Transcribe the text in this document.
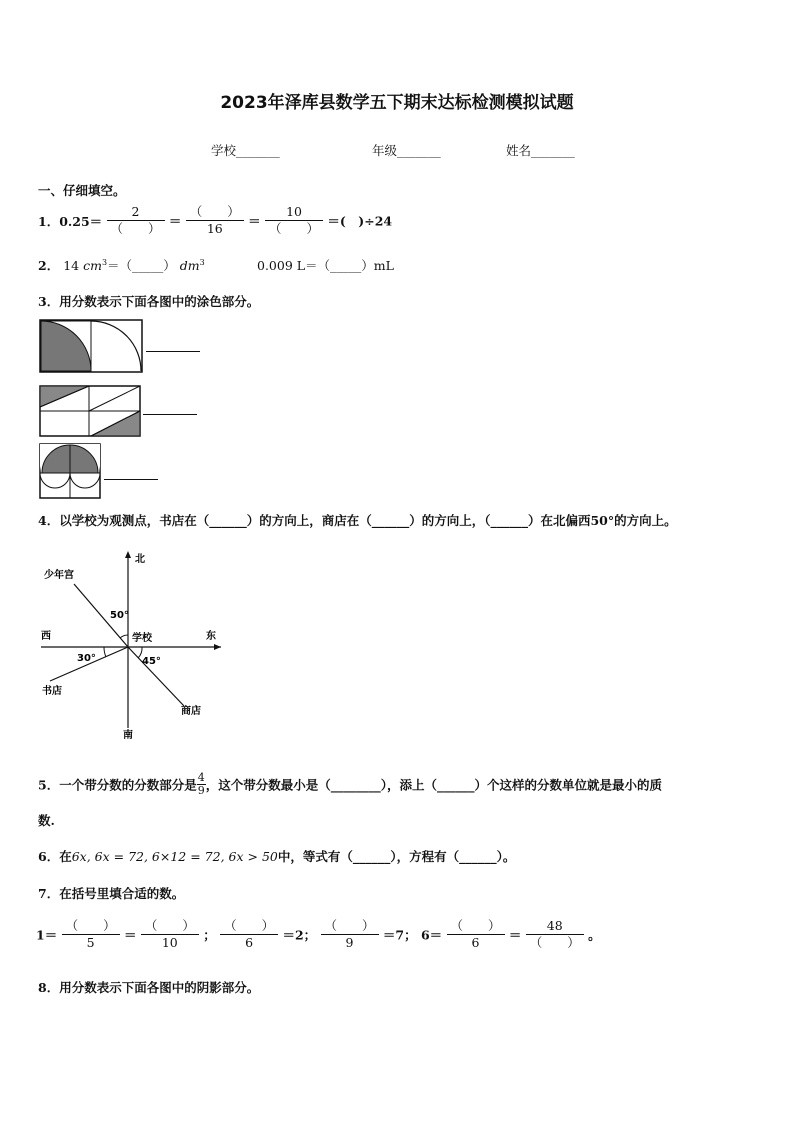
2023年泽库县数学五下期末达标检测模拟试题
学校_______	年级_______	姓名_______
一、仔细填空。
1．$0.25= \frac{2}{( )} = \frac{( )}{16} = \frac{10}{( )}$ ＝(　)÷24
2． 14 $cm^3=(\_\_\_\_\_)$ $dm^3$	0.009 L＝（_____）mL
3．用分数表示下面各图中的涂色部分。
4．以学校为观测点，书店在（______）的方向上，商店在（______）的方向上，（______）在北偏西50°的方向上。
北
南
东
西	学校
少年宫
书店
商店
50°
30°	45°
5．一个带分数的分数部分是 $\frac{4}{9}$ ，这个带分数最小是（________），添上（______）个这样的分数单位就是最小的质
数.
6．在6x, 6x = 72, 6×12 = 72, 6x > 50中，等式有（______），方程有（______）。
7．在括号里填合适的数。
$1= \frac{( )}{5} = \frac{( )}{10}$ ； $\frac{( )}{6} =2$； $\frac{( )}{9} =7$； $6= \frac{( )}{6} = \frac{48}{( )}$ 。
8．用分数表示下面各图中的阴影部分。
